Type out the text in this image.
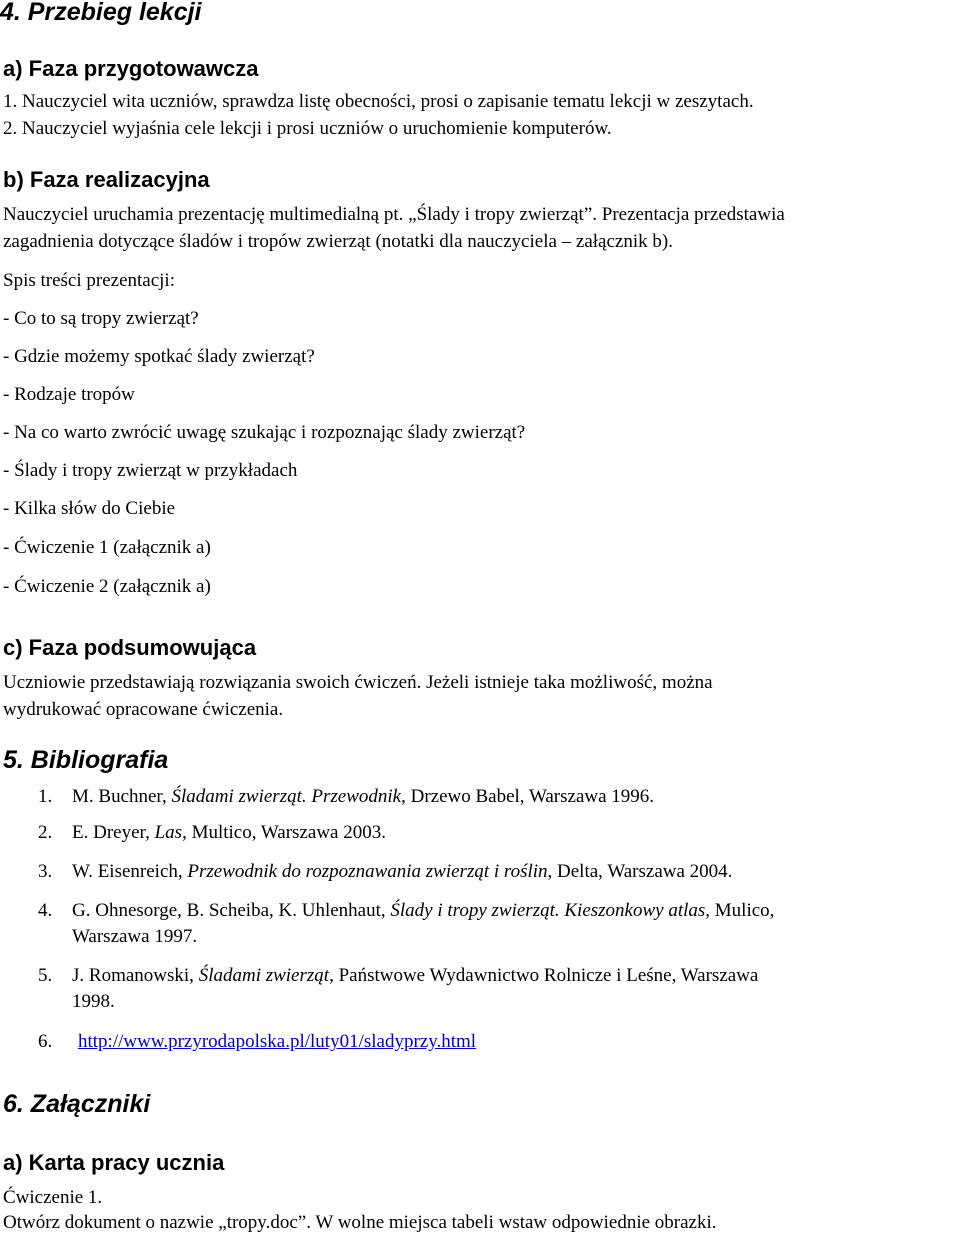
4. Przebieg lekcji
a) Faza przygotowawcza
1. Nauczyciel wita uczniów, sprawdza listę obecności, prosi o zapisanie tematu lekcji w zeszytach.
2. Nauczyciel wyjaśnia cele lekcji i prosi uczniów o uruchomienie komputerów.
b) Faza realizacyjna
Nauczyciel uruchamia prezentację multimedialną pt. „Ślady i tropy zwierząt”. Prezentacja przedstawia
zagadnienia dotyczące śladów i tropów zwierząt (notatki dla nauczyciela – załącznik b).
Spis treści prezentacji:
- Co to są tropy zwierząt?
- Gdzie możemy spotkać ślady zwierząt?
- Rodzaje tropów
- Na co warto zwrócić uwagę szukając i rozpoznając ślady zwierząt?
- Ślady i tropy zwierząt w przykładach
- Kilka słów do Ciebie
- Ćwiczenie 1 (załącznik a)
- Ćwiczenie 2 (załącznik a)
c) Faza podsumowująca
Uczniowie przedstawiają rozwiązania swoich ćwiczeń. Jeżeli istnieje taka możliwość, można
wydrukować opracowane ćwiczenia.
5. Bibliografia
1. M. Buchner, Śladami zwierząt. Przewodnik, Drzewo Babel, Warszawa 1996.
2. E. Dreyer, Las, Multico, Warszawa 2003.
3. W. Eisenreich, Przewodnik do rozpoznawania zwierząt i roślin, Delta, Warszawa 2004.
4. G. Ohnesorge, B. Scheiba, K. Uhlenhaut, Ślady i tropy zwierząt. Kieszonkowy atlas, Mulico,
Warszawa 1997.
5. J. Romanowski, Śladami zwierząt, Państwowe Wydawnictwo Rolnicze i Leśne, Warszawa
1998.
6. http://www.przyrodapolska.pl/luty01/sladyprzy.html
6. Załączniki
a) Karta pracy ucznia
Ćwiczenie 1.
Otwórz dokument o nazwie „tropy.doc”. W wolne miejsca tabeli wstaw odpowiednie obrazki.
